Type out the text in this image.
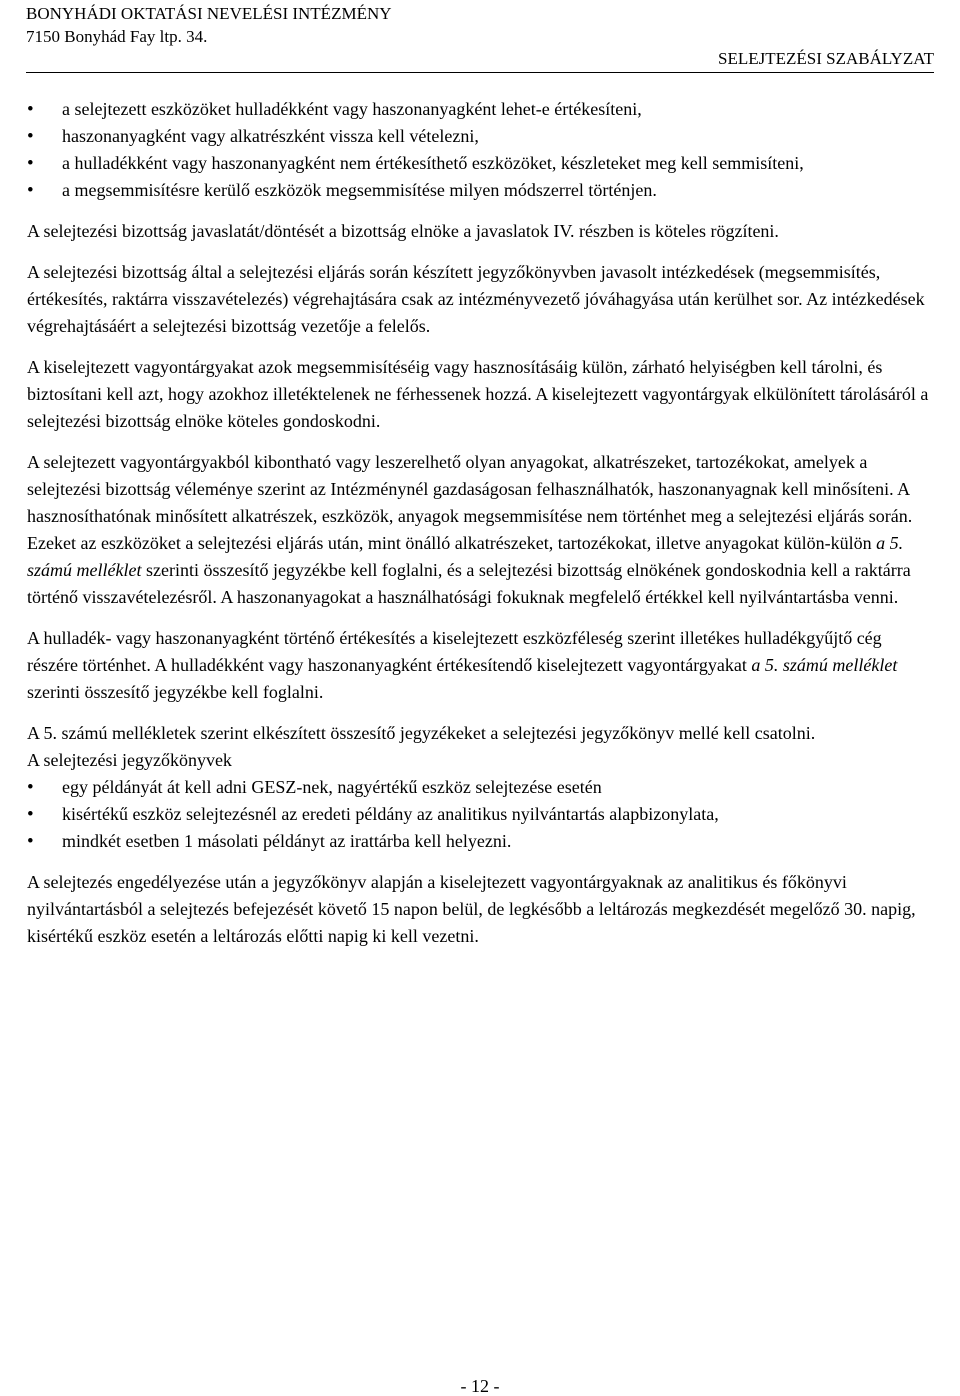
BONYHÁDI OKTATÁSI NEVELÉSI INTÉZMÉNY
7150 Bonyhád Fay ltp. 34.
SELEJTEZÉSI SZABÁLYZAT
• a selejtezett eszközöket hulladékként vagy haszonanyagként lehet-e értékesíteni,
• haszonanyagként vagy alkatrészként vissza kell vételezni,
• a hulladékként vagy haszonanyagként nem értékesíthető eszközöket, készleteket meg kell semmisíteni,
• a megsemmisítésre kerülő eszközök megsemmisítése milyen módszerrel történjen.

A selejtezési bizottság javaslatát/döntését a bizottság elnöke a javaslatok IV. részben is köteles rögzíteni.

A selejtezési bizottság által a selejtezési eljárás során készített jegyzőkönyvben javasolt intézkedések (megsemmisítés, értékesítés, raktárra visszavételezés) végrehajtására csak az intézményvezető jóváhagyása után kerülhet sor. Az intézkedések végrehajtásáért a selejtezési bizottság vezetője a felelős.

A kiselejtezett vagyontárgyakat azok megsemmisítéséig vagy hasznosításáig külön, zárható helyiségben kell tárolni, és biztosítani kell azt, hogy azokhoz illetéktelenek ne férhessenek hozzá. A kiselejtezett vagyontárgyak elkülönített tárolásáról a selejtezési bizottság elnöke köteles gondoskodni.

A selejtezett vagyontárgyakból kibontható vagy leszerelhető olyan anyagokat, alkatrészeket, tartozékokat, amelyek a selejtezési bizottság véleménye szerint az Intézménynél gazdaságosan felhasználhatók, haszonanyagnak kell minősíteni. A hasznosíthatónak minősített alkatrészek, eszközök, anyagok megsemmisítése nem történhet meg a selejtezési eljárás során. Ezeket az eszközöket a selejtezési eljárás után, mint önálló alkatrészeket, tartozékokat, illetve anyagokat külön-külön a 5. számú melléklet szerinti összesítő jegyzékbe kell foglalni, és a selejtezési bizottság elnökének gondoskodnia kell a raktárra történő visszavételezésről. A haszonanyagokat a használhatósági fokuknak megfelelő értékkel kell nyilvántartásba venni.

A hulladék- vagy haszonanyagként történő értékesítés a kiselejtezett eszközféleség szerint illetékes hulladékgyűjtő cég részére történhet. A hulladékként vagy haszonanyagként értékesítendő kiselejtezett vagyontárgyakat a 5. számú melléklet szerinti összesítő jegyzékbe kell foglalni.

A 5. számú mellékletek szerint elkészített összesítő jegyzékeket a selejtezési jegyzőkönyv mellé kell csatolni.

A selejtezési jegyzőkönyvek

• egy példányát át kell adni GESZ-nek, nagyértékű eszköz selejtezése esetén
• kisértékű eszköz selejtezésnél az eredeti példány az analitikus nyilvántartás alapbizonylata,
• mindkét esetben 1 másolati példányt az irattárba kell helyezni.

A selejtezés engedélyezése után a jegyzőkönyv alapján a kiselejtezett vagyontárgyaknak az analitikus és főkönyvi nyilvántartásból a selejtezés befejezését követő 15 napon belül, de legkésőbb a leltározás megkezdését megelőző 30. napig, kisértékű eszköz esetén a leltározás előtti napig ki kell vezetni.

- 12 -
